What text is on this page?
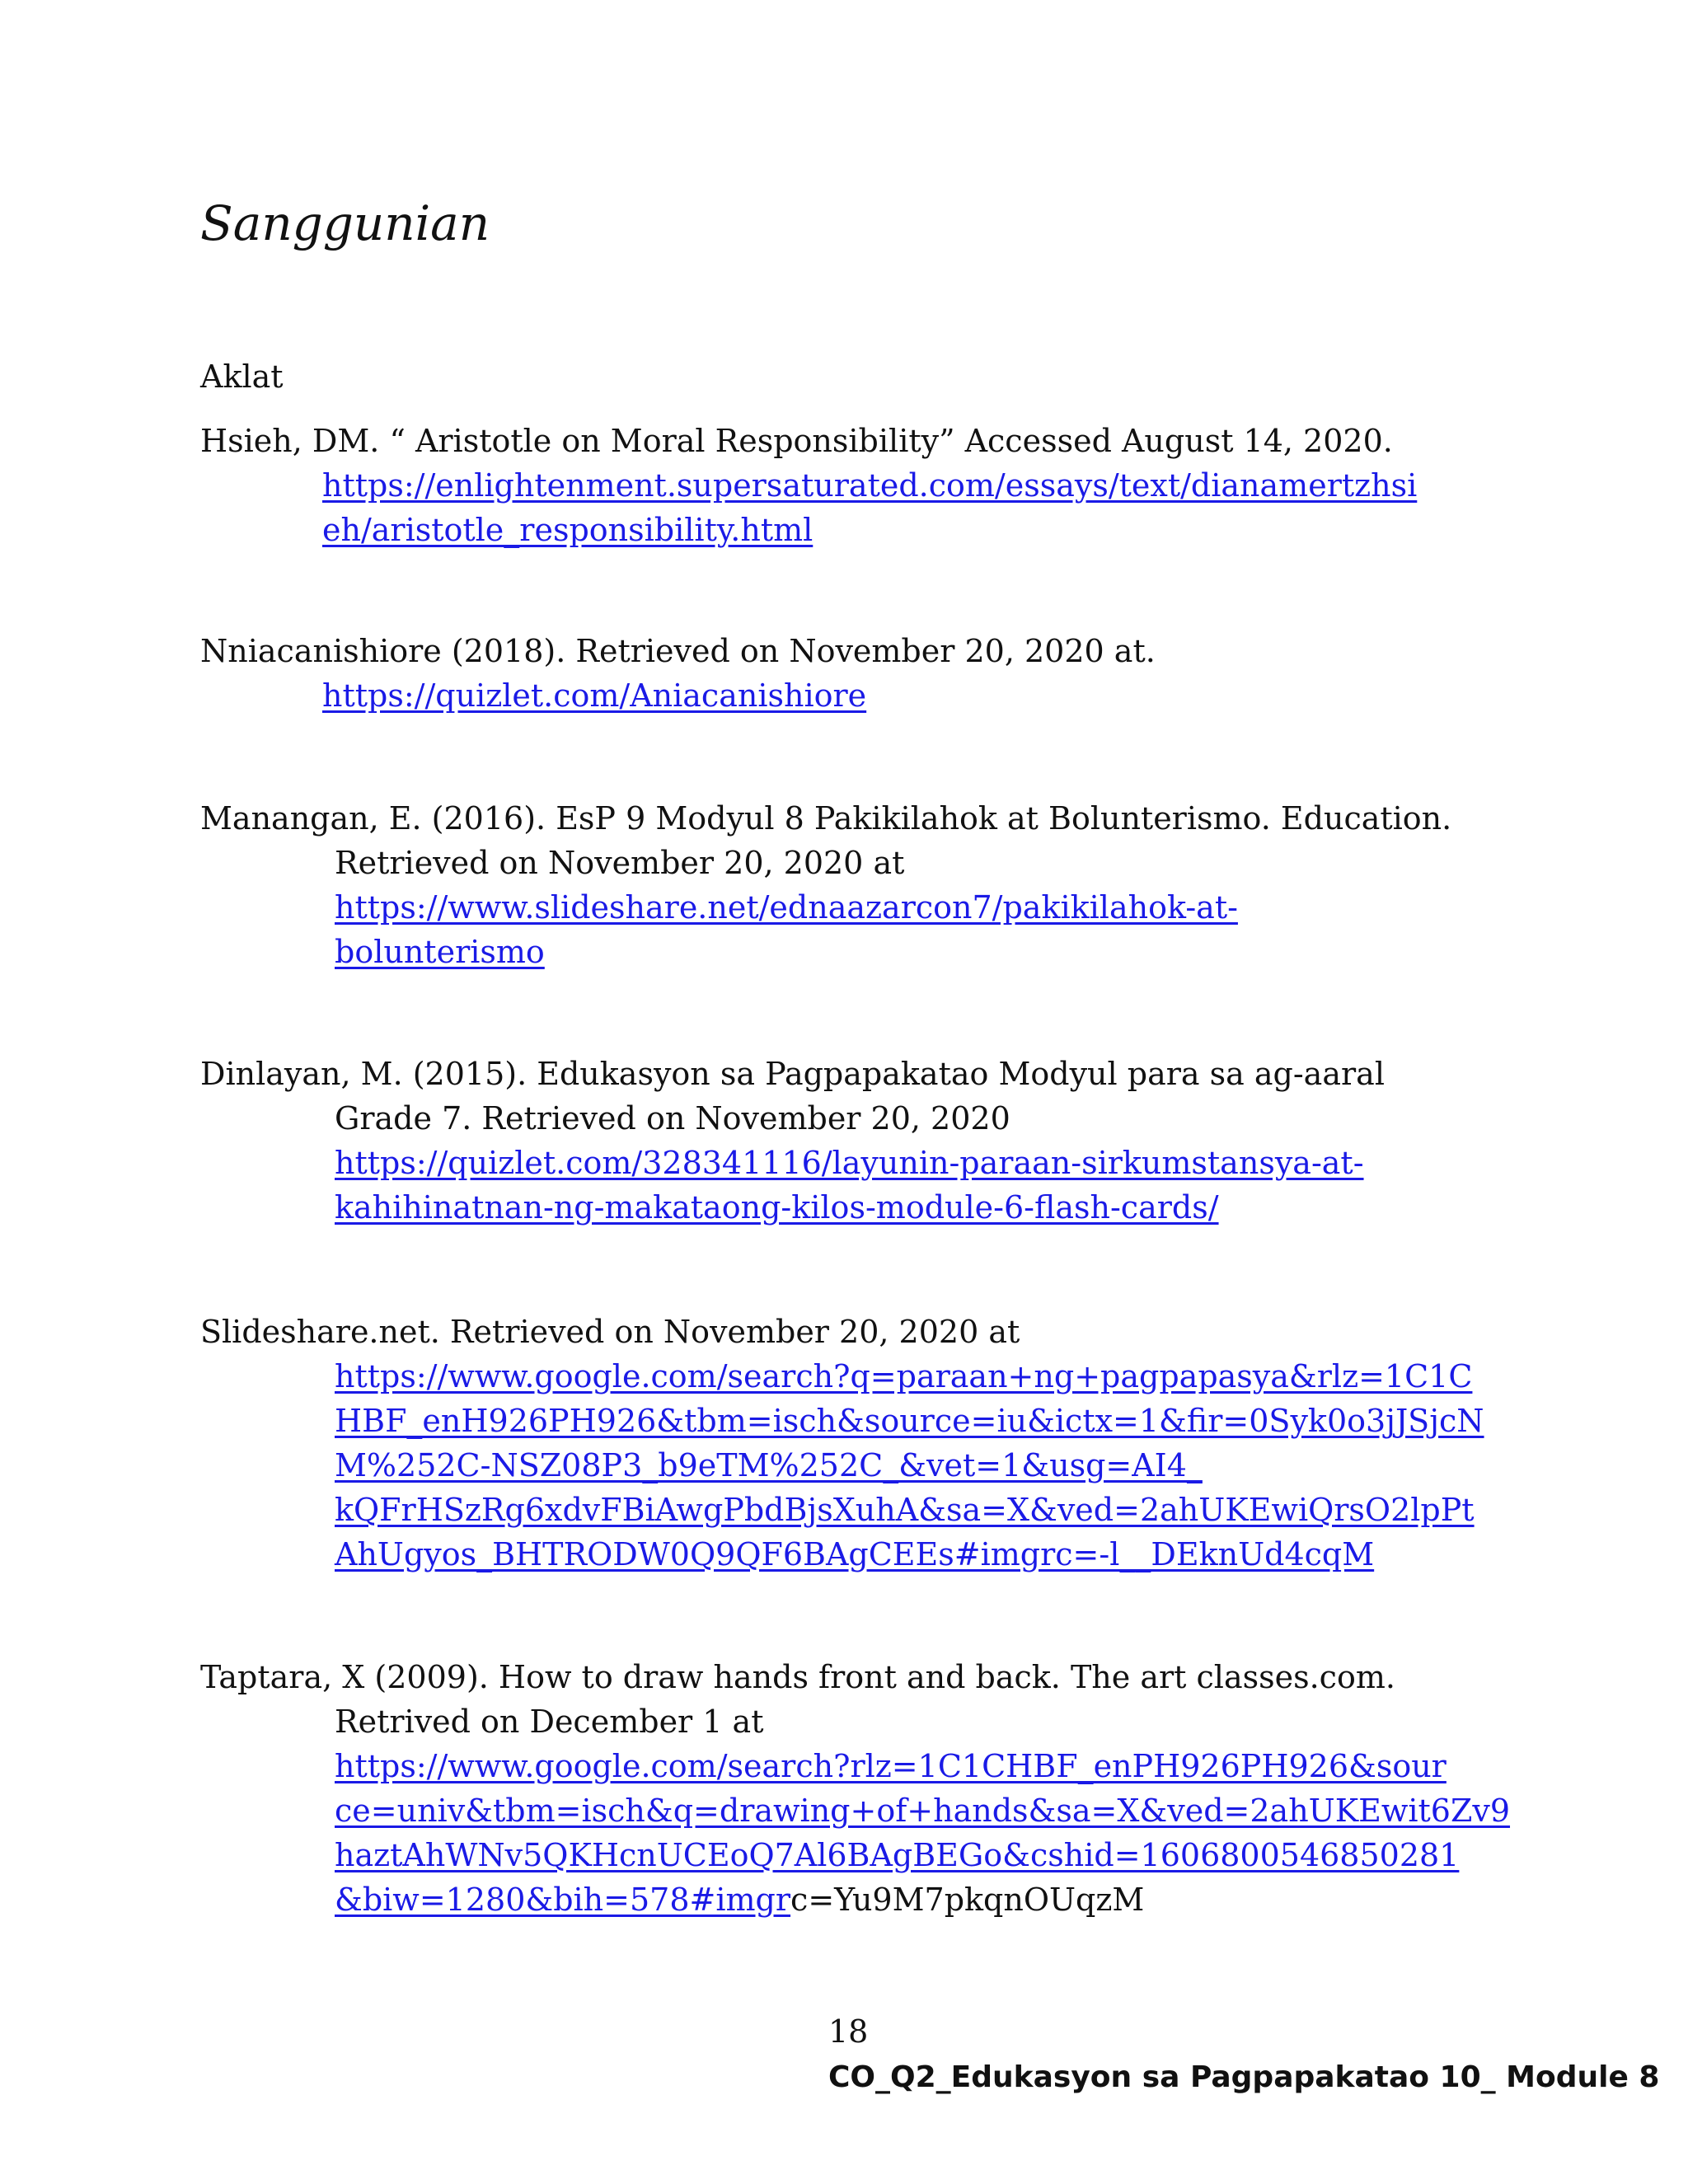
Sanggunian
Aklat
Hsieh, DM. “ Aristotle on Moral Responsibility” Accessed August 14, 2020.
https://enlightenment.supersaturated.com/essays/text/dianamertzhsi
eh/aristotle_responsibility.html
Nniacanishiore (2018). Retrieved on November 20, 2020 at.
https://quizlet.com/Aniacanishiore
Manangan, E. (2016). EsP 9 Modyul 8 Pakikilahok at Bolunterismo. Education.
Retrieved on November 20, 2020 at
https://www.slideshare.net/ednaazarcon7/pakikilahok-at-
bolunterismo
Dinlayan, M. (2015). Edukasyon sa Pagpapakatao Modyul para sa ag-aaral
Grade 7. Retrieved on November 20, 2020
https://quizlet.com/328341116/layunin-paraan-sirkumstansya-at-
kahihinatnan-ng-makataong-kilos-module-6-flash-cards/
Slideshare.net. Retrieved on November 20, 2020 at
https://www.google.com/search?q=paraan+ng+pagpapasya&rlz=1C1C
HBF_enH926PH926&tbm=isch&source=iu&ictx=1&fir=0Syk0o3jJSjcN
M%252C-NSZ08P3_b9eTM%252C_&vet=1&usg=AI4_
kQFrHSzRg6xdvFBiAwgPbdBjsXuhA&sa=X&ved=2ahUKEwiQrsO2lpPt
AhUgyos_BHTRODW0Q9QF6BAgCEEs#imgrc=-l__DEknUd4cqM
Taptara, X (2009). How to draw hands front and back. The art classes.com.
Retrived on December 1 at
https://www.google.com/search?rlz=1C1CHBF_enPH926PH926&sour
ce=univ&tbm=isch&q=drawing+of+hands&sa=X&ved=2ahUKEwit6Zv9
haztAhWNv5QKHcnUCEoQ7Al6BAgBEGo&cshid=1606800546850281
&biw=1280&bih=578#imgrc=Yu9M7pkqnOUqzM
18
CO_Q2_Edukasyon sa Pagpapakatao 10_ Module 8
